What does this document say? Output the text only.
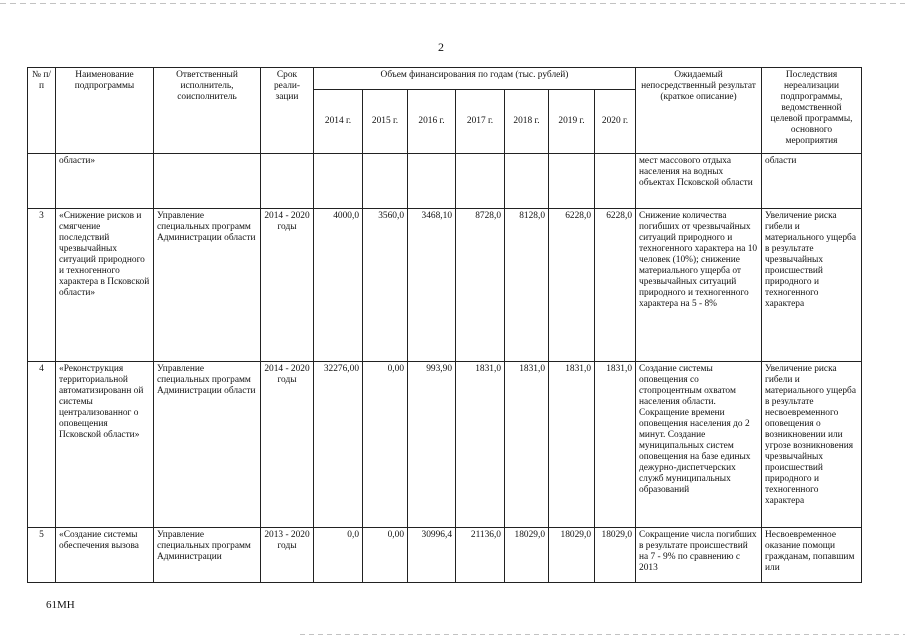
2
№ п/п	Наименование подпрограммы	Ответственный исполнитель, соисполнитель	Срок реали-зации	Объем финансирования по годам (тыс. рублей)							Ожидаемый непосредственный результат (краткое описание)	Последствия нереализации подпрограммы, ведомственной целевой программы, основного мероприятия
				2014 г.	2015 г.	2016 г.	2017 г.	2018 г.	2019 г.	2020 г.		
	области»										мест массового отдыха населения на водных объектах Псковской области	области
3	«Снижение рисков и смягчение последствий чрезвычайных ситуаций природного и техногенного характера в Псковской области»	Управление специальных программ Администрации области	2014 - 2020 годы	4000,0	3560,0	3468,10	8728,0	8128,0	6228,0	6228,0	Снижение количества погибших от чрезвычайных ситуаций природного и техногенного характера на 10 человек (10%); снижение материального ущерба от чрезвычайных ситуаций природного и техногенного характера на 5 - 8%	Увеличение риска гибели и материального ущерба в результате чрезвычайных происшествий природного и техногенного характера
4	«Реконструкция территориальной автоматизированн ой системы централизованног о оповещения Псковской области»	Управление специальных программ Администрации области	2014 - 2020 годы	32276,00	0,00	993,90	1831,0	1831,0	1831,0	1831,0	Создание системы оповещения со стопроцентным охватом населения области. Сокращение времени оповещения населения до 2 минут. Создание муниципальных систем оповещения на базе единых дежурно-диспетчерских служб муниципальных образований	Увеличение риска гибели и материального ущерба в результате несвоевременного оповещения о возникновении или угрозе возникновения чрезвычайных происшествий природного и техногенного характера
5	«Создание системы обеспечения вызова	Управление специальных программ Администрации	2013 - 2020 годы	0,0	0,00	30996,4	21136,0	18029,0	18029,0	18029,0	Сокращение числа погибших в результате происшествий на 7 - 9% по сравнению с 2013	Несвоевременное оказание помощи гражданам, попавшим или
61МН
